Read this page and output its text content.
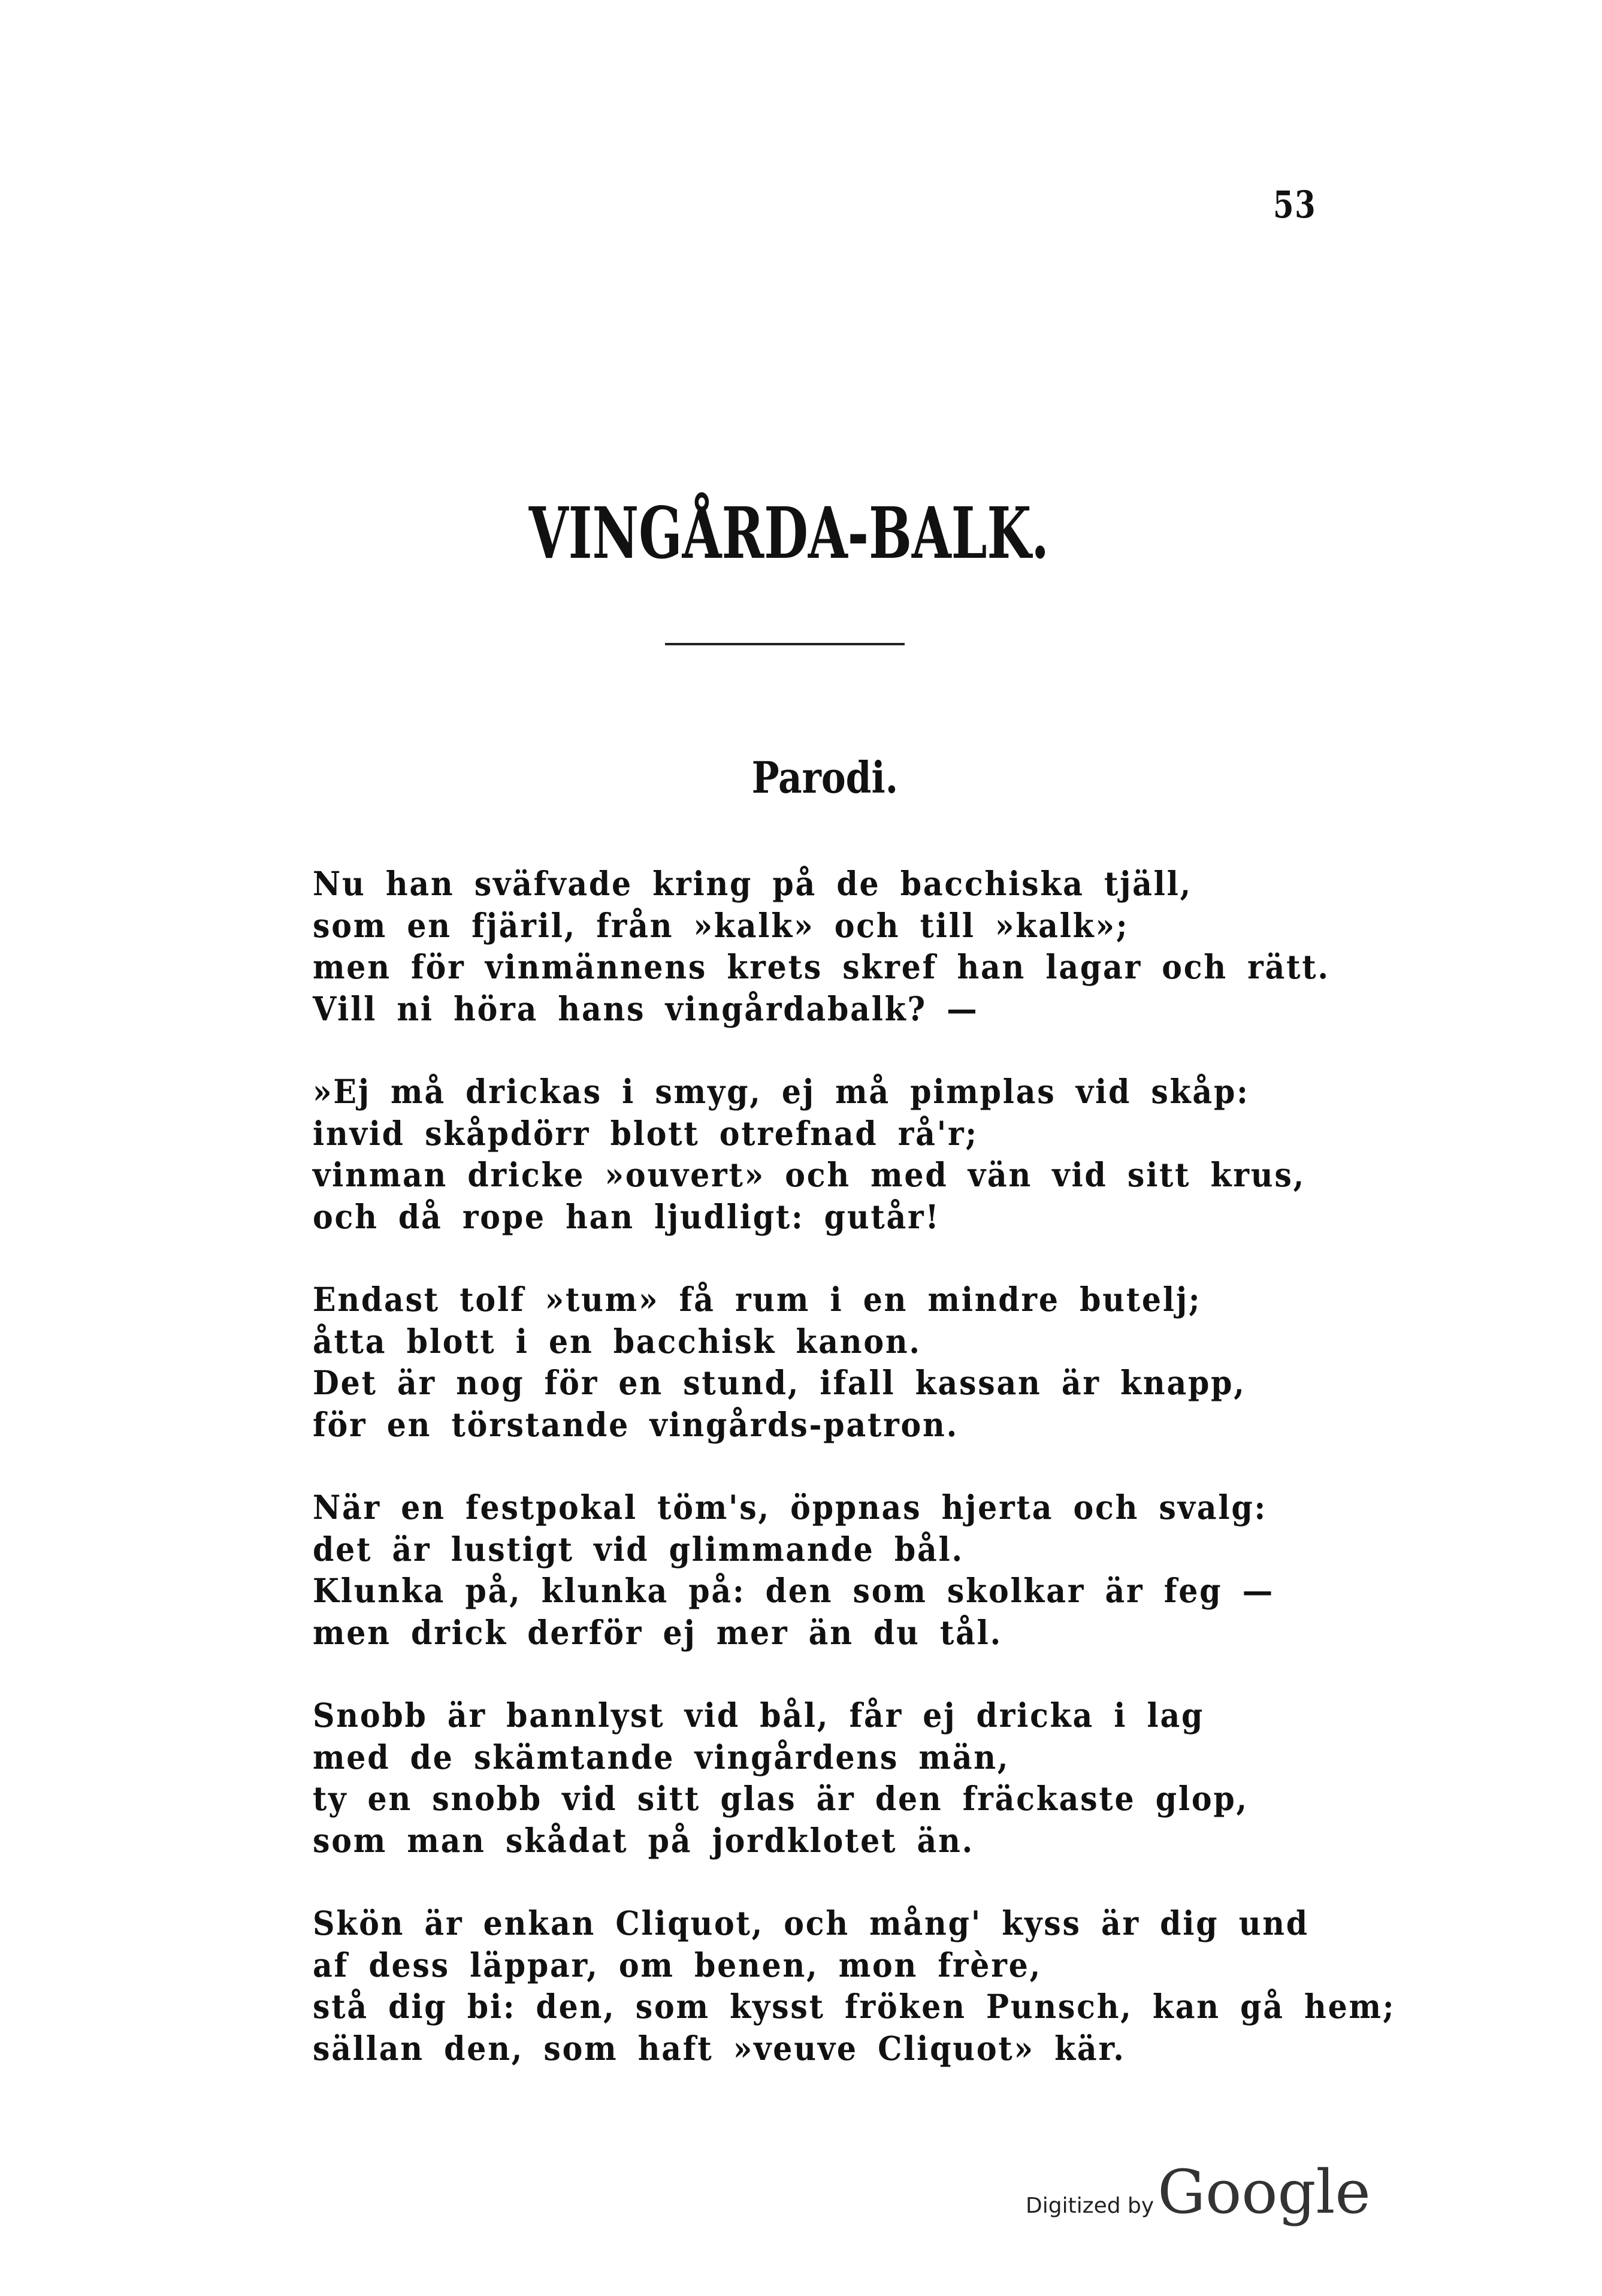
53
VINGÅRDA-BALK.
Parodi.
Nu han sväfvade kring på de bacchiska tjäll,
som en fjäril, från »kalk» och till »kalk»;
men för vinmännens krets skref han lagar och rätt.
Vill ni höra hans vingårdabalk? —
»Ej må drickas i smyg, ej må pimplas vid skåp:
invid skåpdörr blott otrefnad rå'r;
vinman dricke »ouvert» och med vän vid sitt krus,
och då rope han ljudligt: gutår!
Endast tolf »tum» få rum i en mindre butelj;
åtta blott i en bacchisk kanon.
Det är nog för en stund, ifall kassan är knapp,
för en törstande vingårds-patron.
När en festpokal töm's, öppnas hjerta och svalg:
det är lustigt vid glimmande bål.
Klunka på, klunka på: den som skolkar är feg —
men drick derför ej mer än du tål.
Snobb är bannlyst vid bål, får ej dricka i lag
med de skämtande vingårdens män,
ty en snobb vid sitt glas är den fräckaste glop,
som man skådat på jordklotet än.
Skön är enkan Cliquot, och mång' kyss är dig und
af dess läppar, om benen, mon frère,
stå dig bi: den, som kysst fröken Punsch, kan gå hem;
sällan den, som haft »veuve Cliquot» kär.
Digitized by Google
